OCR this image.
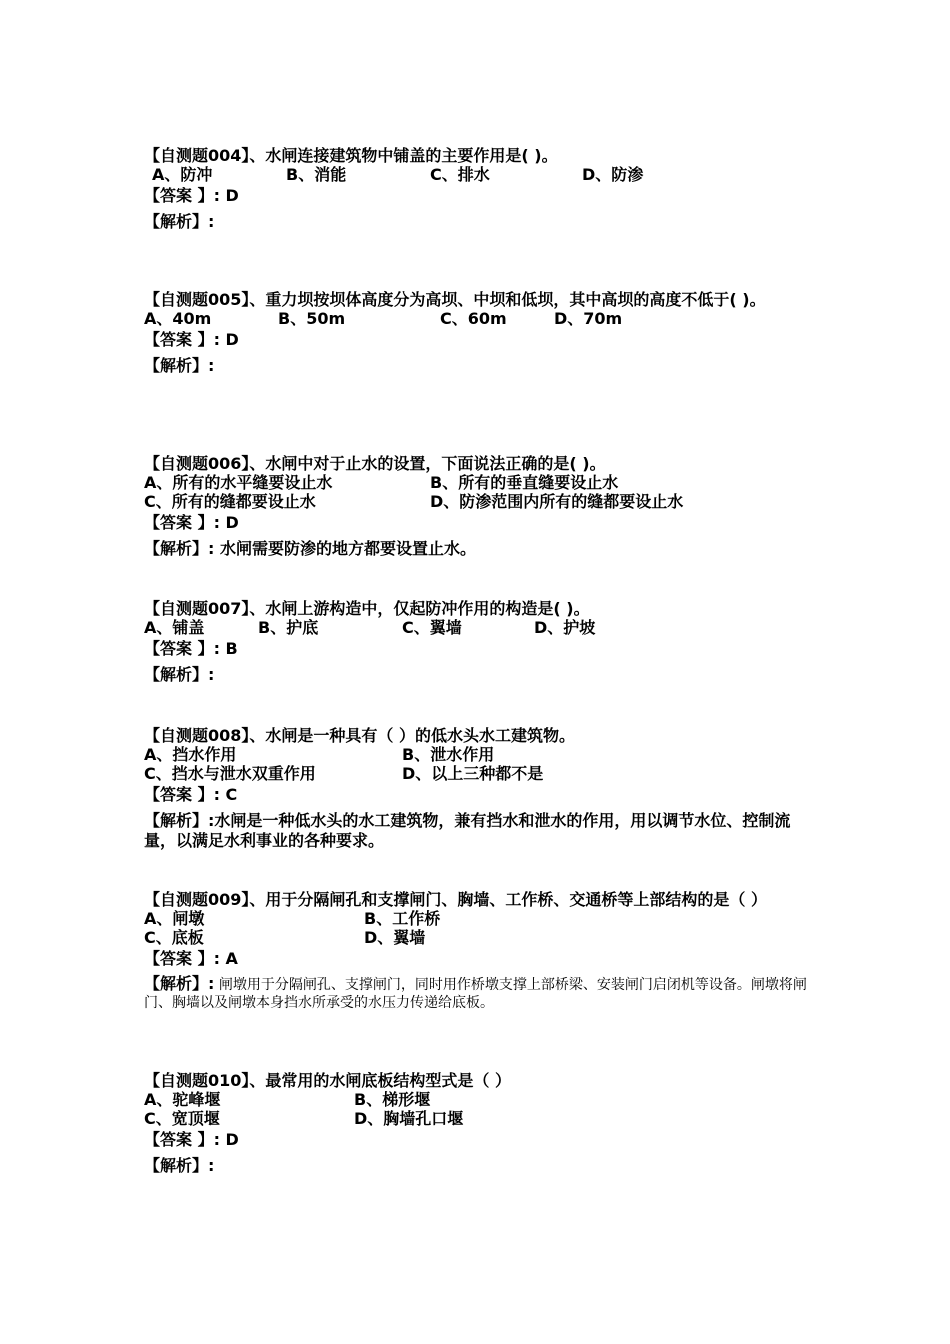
【自测题004】、水闸连接建筑物中铺盖的主要作用是( )。
A、防冲	B、消能	C、排水	D、防渗
【答案 】: D
【解析】:
【自测题005】、重力坝按坝体高度分为高坝、中坝和低坝，其中高坝的高度不低于( )。
A、40m	B、50m	C、60m	D、70m
【答案 】: D
【解析】:
【自测题006】、水闸中对于止水的设置，下面说法正确的是( )。
A、所有的水平缝要设止水	B、所有的垂直缝要设止水
C、所有的缝都要设止水	D、防渗范围内所有的缝都要设止水
【答案 】: D
【解析】: 水闸需要防渗的地方都要设置止水。
【自测题007】、水闸上游构造中，仅起防冲作用的构造是( )。
A、铺盖	B、护底	C、翼墙	D、护坡
【答案 】: B
【解析】:
【自测题008】、水闸是一种具有（ ）的低水头水工建筑物。
A、挡水作用	B、泄水作用
C、挡水与泄水双重作用	D、以上三种都不是
【答案 】: C
【解析】:水闸是一种低水头的水工建筑物，兼有挡水和泄水的作用，用以调节水位、控制流量，以满足水利事业的各种要求。
【自测题009】、用于分隔闸孔和支撑闸门、胸墙、工作桥、交通桥等上部结构的是（ ）
A、闸墩	B、工作桥
C、底板	D、翼墙
【答案 】: A
【解析】: 闸墩用于分隔闸孔、支撑闸门，同时用作桥墩支撑上部桥梁、安装闸门启闭机等设备。闸墩将闸门、胸墙以及闸墩本身挡水所承受的水压力传递给底板。
【自测题010】、最常用的水闸底板结构型式是（ ）
A、驼峰堰	B、梯形堰
C、宽顶堰	D、胸墙孔口堰
【答案 】: D
【解析】:
